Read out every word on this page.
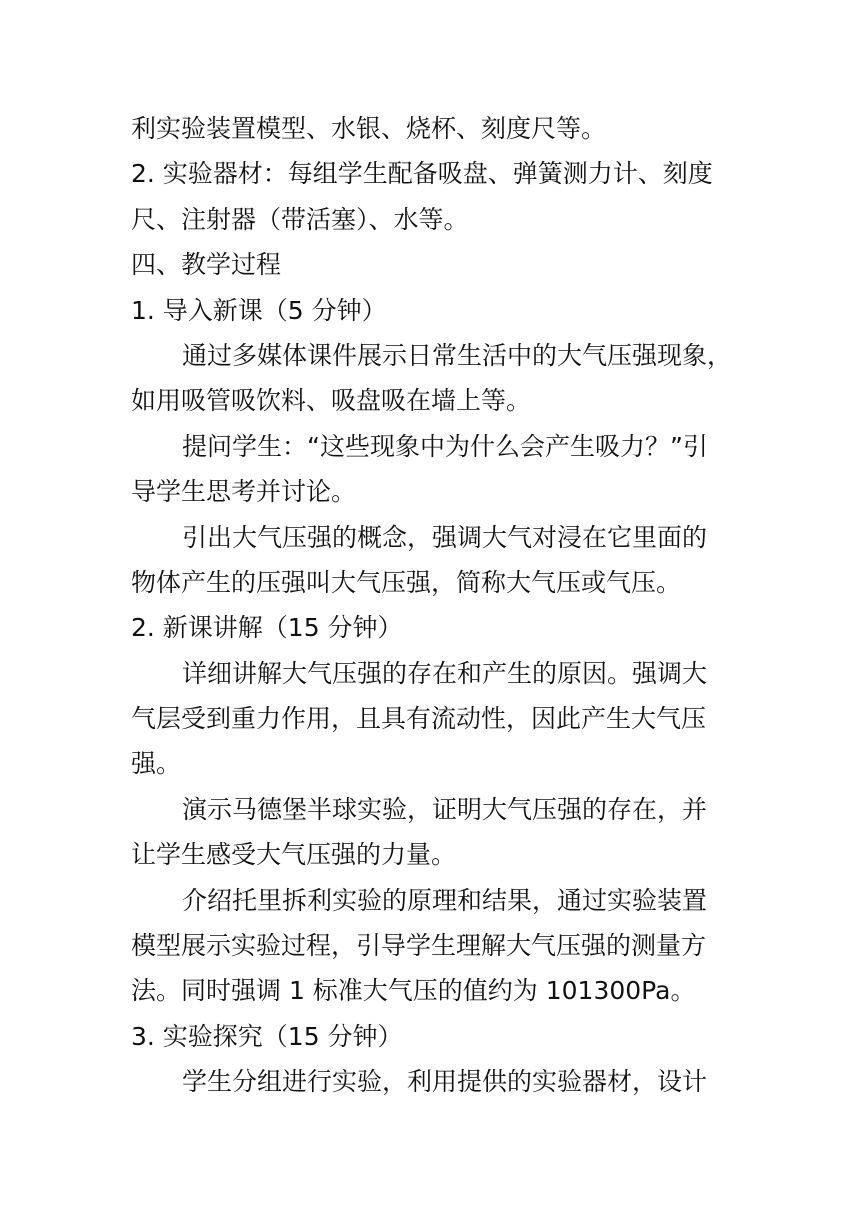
利实验装置模型、水银、烧杯、刻度尺等。
2. 实验器材：每组学生配备吸盘、弹簧测力计、刻度
尺、注射器（带活塞）、水等。
四、教学过程
1. 导入新课（5 分钟）
通过多媒体课件展示日常生活中的大气压强现象，
如用吸管吸饮料、吸盘吸在墙上等。
提问学生：“这些现象中为什么会产生吸力？”引
导学生思考并讨论。
引出大气压强的概念，强调大气对浸在它里面的
物体产生的压强叫大气压强，简称大气压或气压。
2. 新课讲解（15 分钟）
详细讲解大气压强的存在和产生的原因。强调大
气层受到重力作用，且具有流动性，因此产生大气压
强。
演示马德堡半球实验，证明大气压强的存在，并
让学生感受大气压强的力量。
介绍托里拆利实验的原理和结果，通过实验装置
模型展示实验过程，引导学生理解大气压强的测量方
法。同时强调 1 标准大气压的值约为 101300Pa。
3. 实验探究（15 分钟）
学生分组进行实验，利用提供的实验器材，设计
